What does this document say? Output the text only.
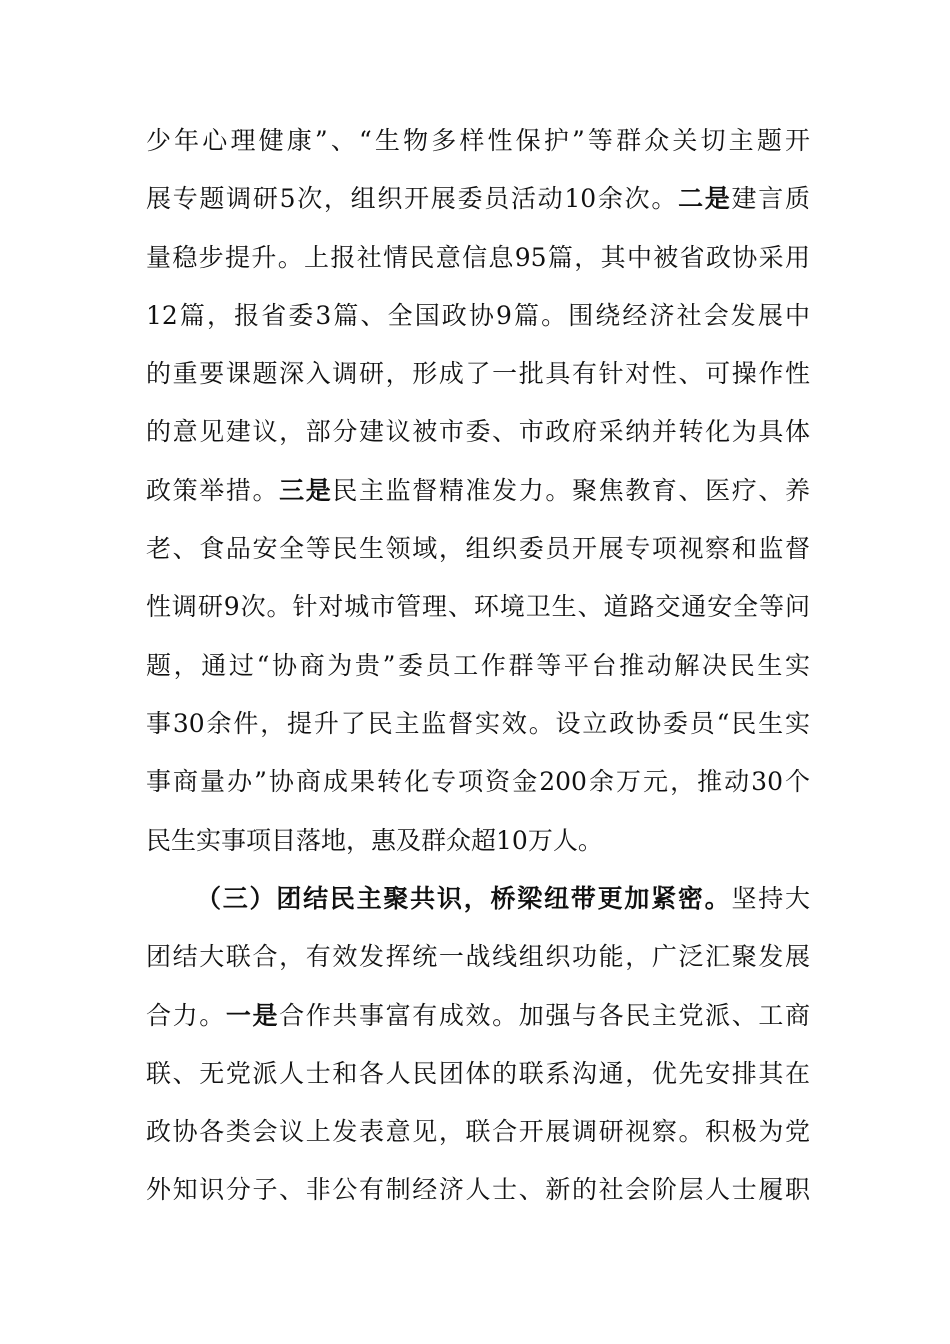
少年心理健康”、“生物多样性保护”等群众关切主题开
展专题调研5次，组织开展委员活动10余次。二是建言质
量稳步提升。上报社情民意信息95篇，其中被省政协采用
12篇，报省委3篇、全国政协9篇。围绕经济社会发展中
的重要课题深入调研，形成了一批具有针对性、可操作性
的意见建议，部分建议被市委、市政府采纳并转化为具体
政策举措。三是民主监督精准发力。聚焦教育、医疗、养
老、食品安全等民生领域，组织委员开展专项视察和监督
性调研9次。针对城市管理、环境卫生、道路交通安全等问
题，通过“协商为贵”委员工作群等平台推动解决民生实
事30余件，提升了民主监督实效。设立政协委员“民生实
事商量办”协商成果转化专项资金200余万元，推动30个
民生实事项目落地，惠及群众超10万人。
（三）团结民主聚共识，桥梁纽带更加紧密。坚持大
团结大联合，有效发挥统一战线组织功能，广泛汇聚发展
合力。一是合作共事富有成效。加强与各民主党派、工商
联、无党派人士和各人民团体的联系沟通，优先安排其在
政协各类会议上发表意见，联合开展调研视察。积极为党
外知识分子、非公有制经济人士、新的社会阶层人士履职
